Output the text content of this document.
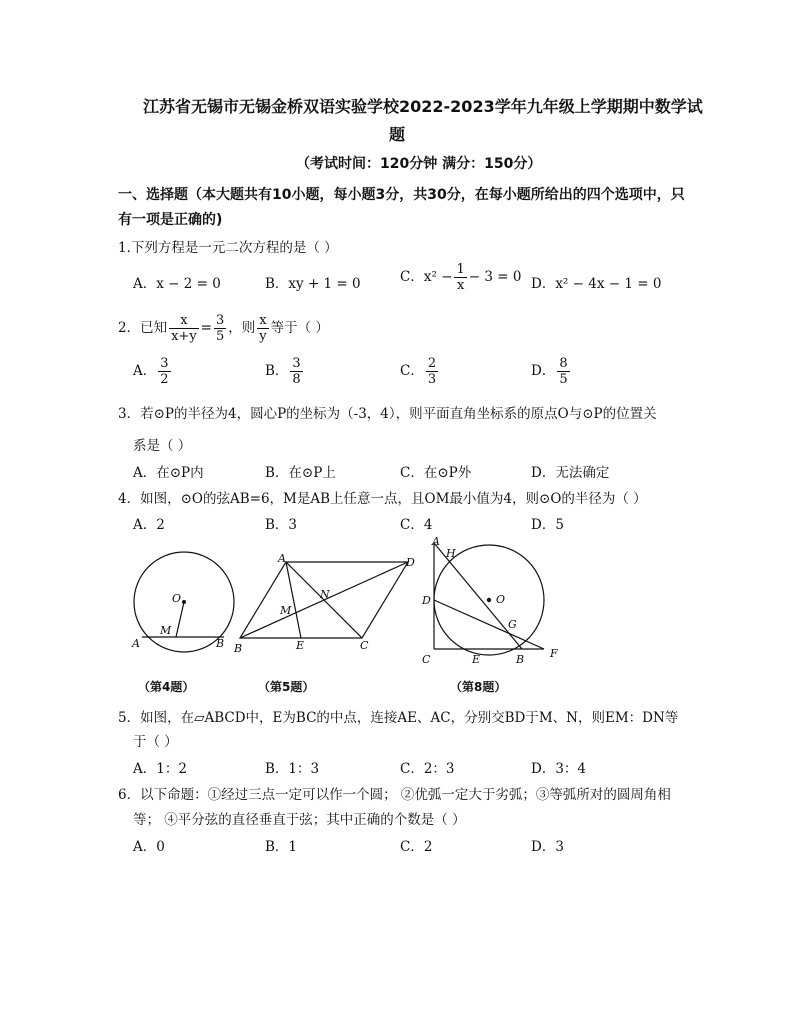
江苏省无锡市无锡金桥双语实验学校2022-2023学年九年级上学期期中数学试
题
（考试时间：120分钟 满分：150分）
一、选择题（本大题共有10小题，每小题3分，共30分，在每小题所给出的四个选项中，只
有一项是正确的)
1.下列方程是一元二次方程的是（ ）
A．x − 2 = 0	B．xy + 1 = 0	C．$x^2 - \frac{1}{x} - 3 = 0$ D．x² − 4x − 1 = 0
2．已知 $\frac{x}{x+y} = \frac{3}{5}$ ，则 $\frac{x}{y}$ 等于（ ）
A． $\frac{3}{2}$	B． $\frac{3}{8}$	C． $\frac{2}{3}$	D． $\frac{8}{5}$
3．若⊙P的半径为4，圆心P的坐标为（-3，4），则平面直角坐标系的原点O与⊙P的位置关
系是（ ）
A．在⊙P内	B．在⊙P上	C．在⊙P外	D．无法确定
4．如图，⊙O的弦AB=6，M是AB上任意一点，且OM最小值为4，则⊙O的半径为（ ）
A．2	B．3	C．4	D．5
O
M
A	B
（第4题）
A	D
N
M
B	E	C
（第5题）
A
H
O
D
G
C	E	B F
（第8题）
5．如图，在▱ABCD中，E为BC的中点，连接AE、AC，分别交BD于M、N，则EM：DN等
于（ ）
A．1：2	B．1：3	C．2：3	D．3：4
6．以下命题：①经过三点一定可以作一个圆； ②优弧一定大于劣弧；③等弧所对的圆周角相
等； ④平分弦的直径垂直于弦；其中正确的个数是（ ）
A．0	B．1	C．2	D．3
